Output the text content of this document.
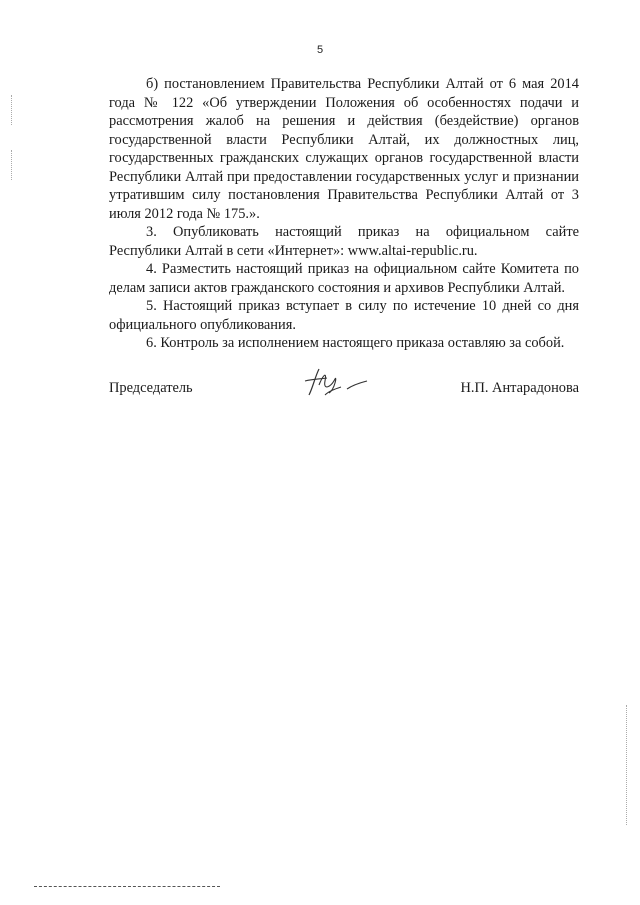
5

б) постановлением Правительства Республики Алтай от 6 мая 2014 года № 122 «Об утверждении Положения об особенностях подачи и рассмотрения жалоб на решения и действия (бездействие) органов государственной власти Республики Алтай, их должностных лиц, государственных гражданских служащих органов государственной власти Республики Алтай при предоставлении государственных услуг и признании утратившим силу постановления Правительства Республики Алтай от 3 июля 2012 года № 175.».

3. Опубликовать настоящий приказ на официальном сайте Республики Алтай в сети «Интернет»: www.altai-republic.ru.

4. Разместить настоящий приказ на официальном сайте Комитета по делам записи актов гражданского состояния и архивов Республики Алтай.

5. Настоящий приказ вступает в силу по истечение 10 дней со дня официального опубликования.

6. Контроль за исполнением настоящего приказа оставляю за собой.

Председатель	Н.П. Антарадонова
